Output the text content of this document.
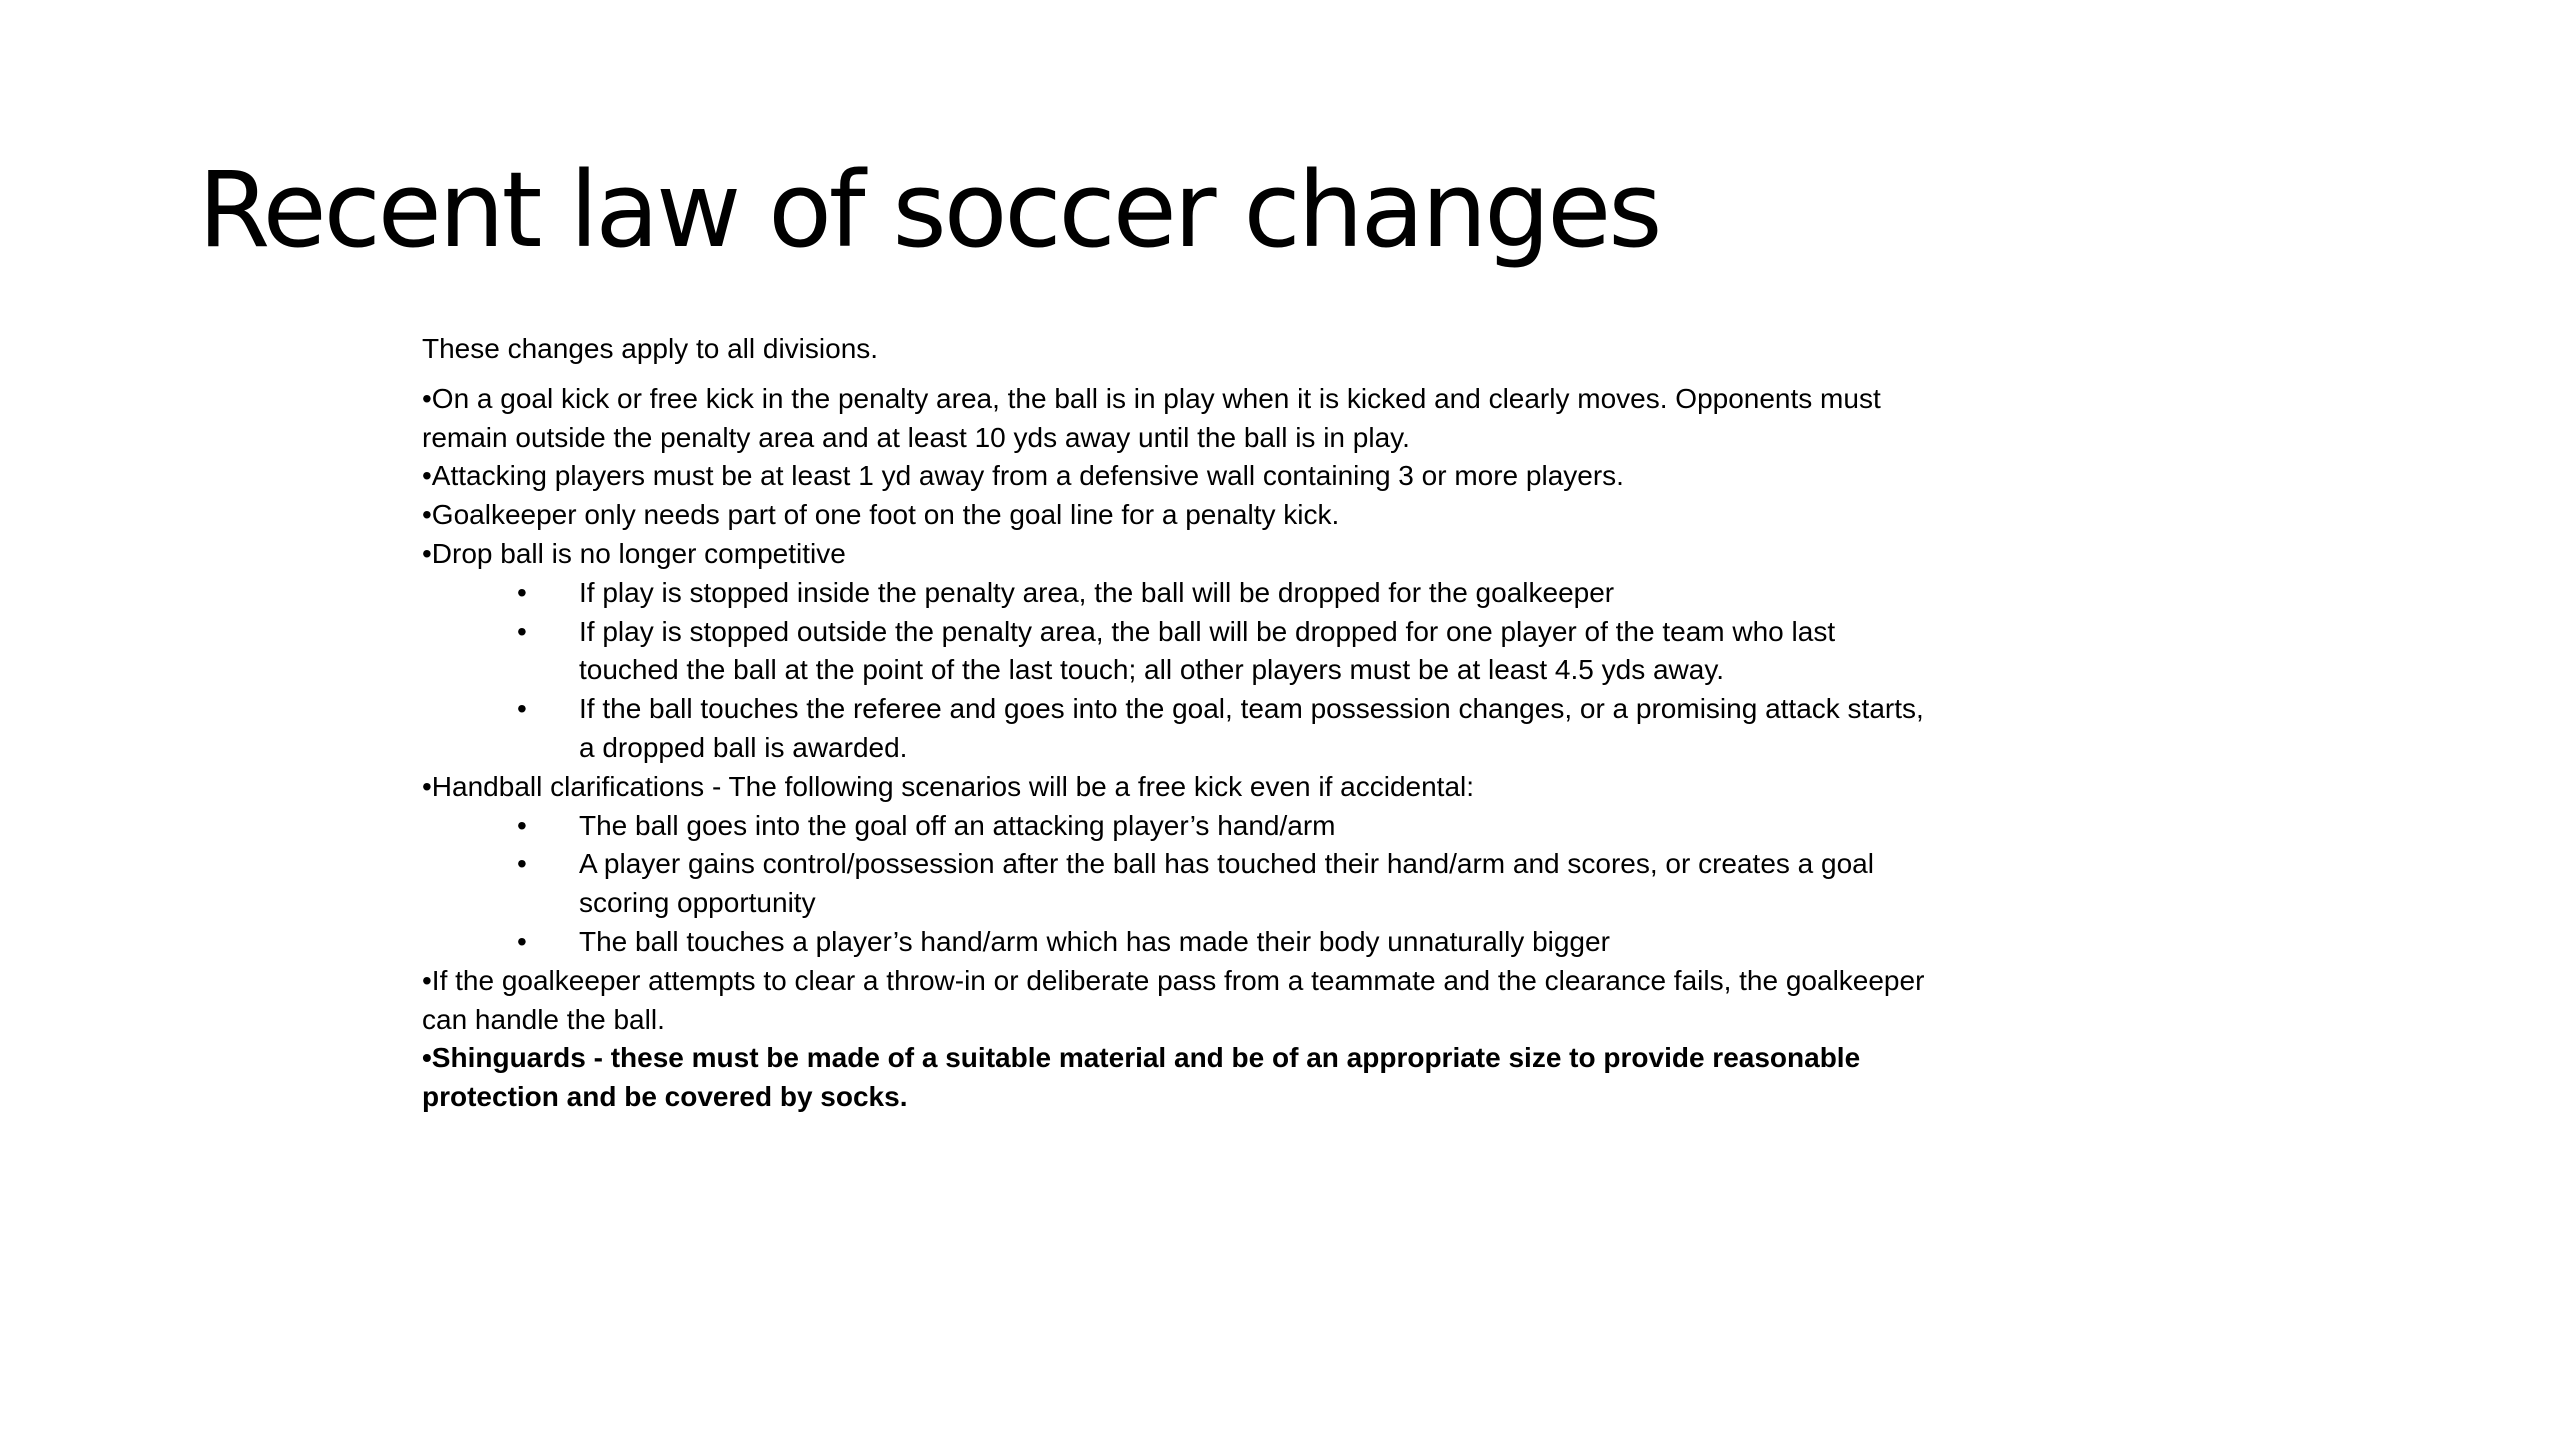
Recent law of soccer changes

These changes apply to all divisions.

•On a goal kick or free kick in the penalty area, the ball is in play when it is kicked and clearly moves. Opponents must remain outside the penalty area and at least 10 yds away until the ball is in play.

•Attacking players must be at least 1 yd away from a defensive wall containing 3 or more players.

•Goalkeeper only needs part of one foot on the goal line for a penalty kick.

•Drop ball is no longer competitive

• If play is stopped inside the penalty area, the ball will be dropped for the goalkeeper
• If play is stopped outside the penalty area, the ball will be dropped for one player of the team who last touched the ball at the point of the last touch; all other players must be at least 4.5 yds away.
• If the ball touches the referee and goes into the goal, team possession changes, or a promising attack starts, a dropped ball is awarded.

•Handball clarifications - The following scenarios will be a free kick even if accidental:

• The ball goes into the goal off an attacking player’s hand/arm
• A player gains control/possession after the ball has touched their hand/arm and scores, or creates a goal scoring opportunity
• The ball touches a player’s hand/arm which has made their body unnaturally bigger

•If the goalkeeper attempts to clear a throw-in or deliberate pass from a teammate and the clearance fails, the goalkeeper can handle the ball.

•Shinguards - these must be made of a suitable material and be of an appropriate size to provide reasonable protection and be covered by socks.
